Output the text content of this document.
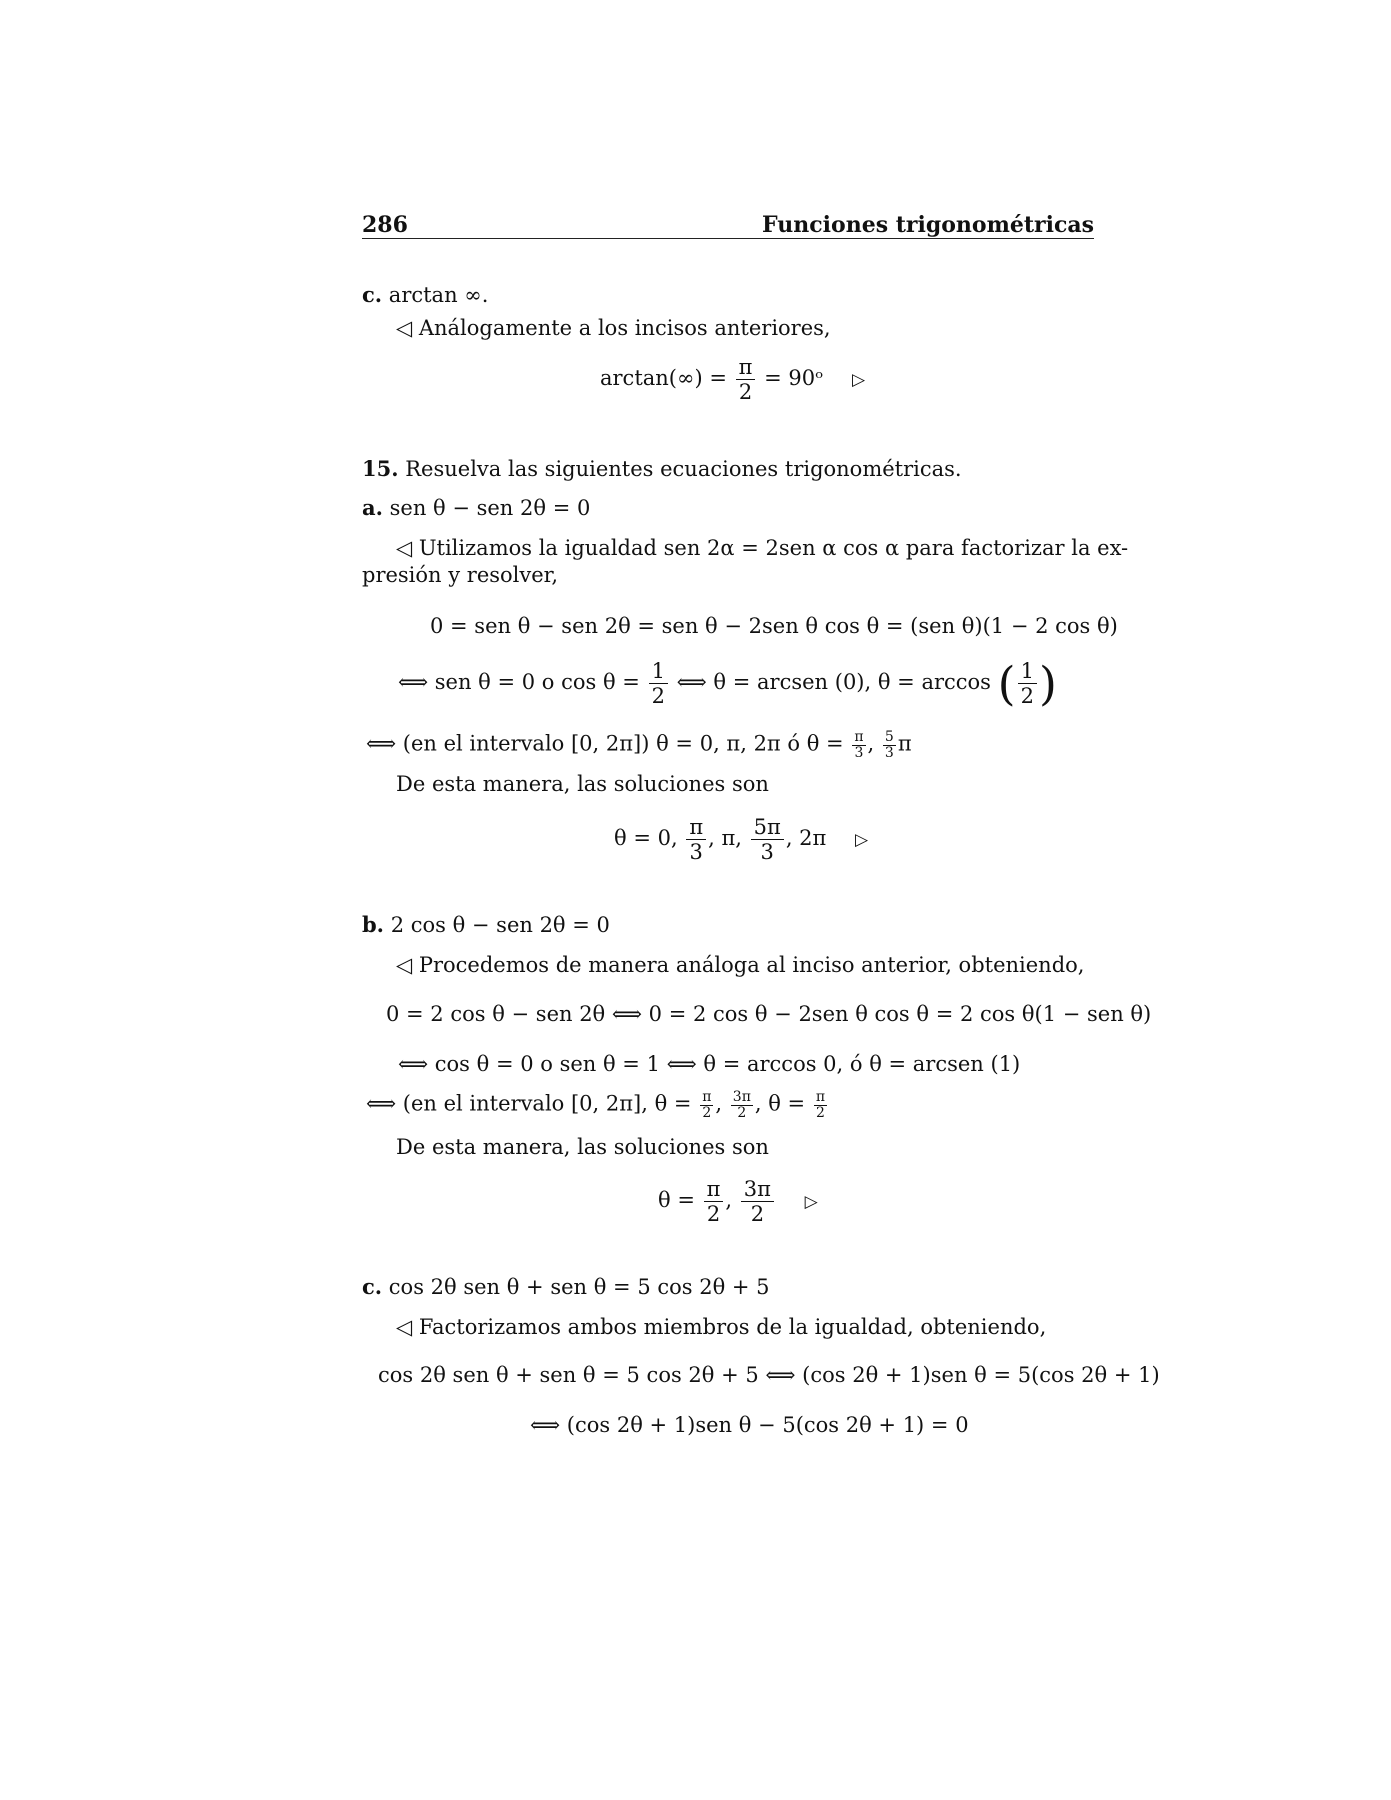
286	Funciones trigonométricas
c. arctan ∞.
◁ Análogamente a los incisos anteriores,
$\arctan(\infty) = \frac{\pi}{2}$ = 90ᵒ ▷
15. Resuelva las siguientes ecuaciones trigonométricas.
a. sen θ − sen 2θ = 0
◁ Utilizamos la igualdad sen 2α = 2sen α cos α para factorizar la ex-
presión y resolver,
0 = sen θ − sen 2θ = sen θ − 2sen θ cos θ = (sen θ)(1 − 2 cos θ)
⟺ sen θ = 0 o $\cos \theta = \frac{1}{2}$ ⟺ θ = arcsen (0), θ = arccos ( $\frac{1}{2}$ )
⟺ (en el intervalo [0, 2π]) θ = 0, π, 2π ó $\theta = \frac{\pi}{3}$ , $\frac{5}{3}$ π
De esta manera, las soluciones son
θ = 0, $\frac{\pi}{3}$ , π, $\frac{5\pi}{3}$ , 2π ▷
b. 2 cos θ − sen 2θ = 0
◁ Procedemos de manera análoga al inciso anterior, obteniendo,
0 = 2 cos θ − sen 2θ ⟺ 0 = 2 cos θ − 2sen θ cos θ = 2 cos θ(1 − sen θ)
⟺ cos θ = 0 o sen θ = 1 ⟺ θ = arccos 0, ó θ = arcsen (1)
⟺ (en el intervalo [0, 2π], $\theta = \frac{\pi}{2}$ , $\frac{3\pi}{2}$ , $\theta = \frac{\pi}{2}$
De esta manera, las soluciones son
$\theta = \frac{\pi}{2}$ , $\frac{3\pi}{2}$ ▷
c. cos 2θ sen θ + sen θ = 5 cos 2θ + 5
◁ Factorizamos ambos miembros de la igualdad, obteniendo,
cos 2θ sen θ + sen θ = 5 cos 2θ + 5 ⟺ (cos 2θ + 1)sen θ = 5(cos 2θ + 1)
⟺ (cos 2θ + 1)sen θ − 5(cos 2θ + 1) = 0
